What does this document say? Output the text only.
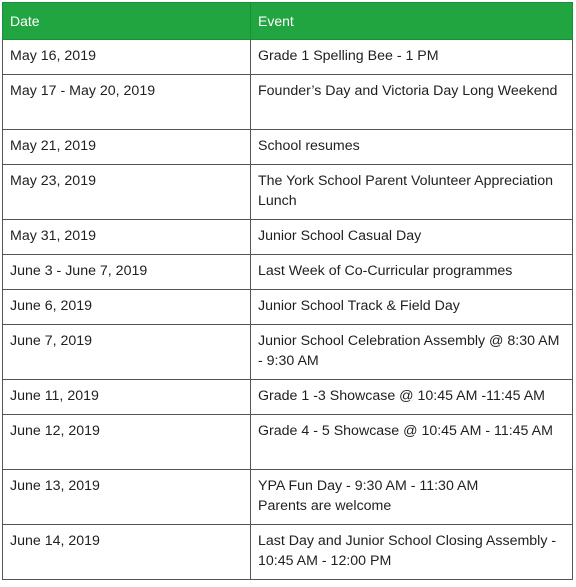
Date	Event
May 16, 2019	Grade 1 Spelling Bee - 1 PM
May 17 - May 20, 2019	Founder’s Day and Victoria Day Long Weekend
May 21, 2019	School resumes
May 23, 2019	The York School Parent Volunteer Appreciation Lunch
May 31, 2019	Junior School Casual Day
June 3 - June 7, 2019	Last Week of Co-Curricular programmes
June 6, 2019	Junior School Track & Field Day
June 7, 2019	Junior School Celebration Assembly @ 8:30 AM - 9:30 AM
June 11, 2019	Grade 1 -3 Showcase @ 10:45 AM -11:45 AM
June 12, 2019	Grade 4 - 5 Showcase @ 10:45 AM - 11:45 AM
June 13, 2019	YPA Fun Day - 9:30 AM - 11:30 AM
Parents are welcome
June 14, 2019	Last Day and Junior School Closing Assembly - 10:45 AM - 12:00 PM
